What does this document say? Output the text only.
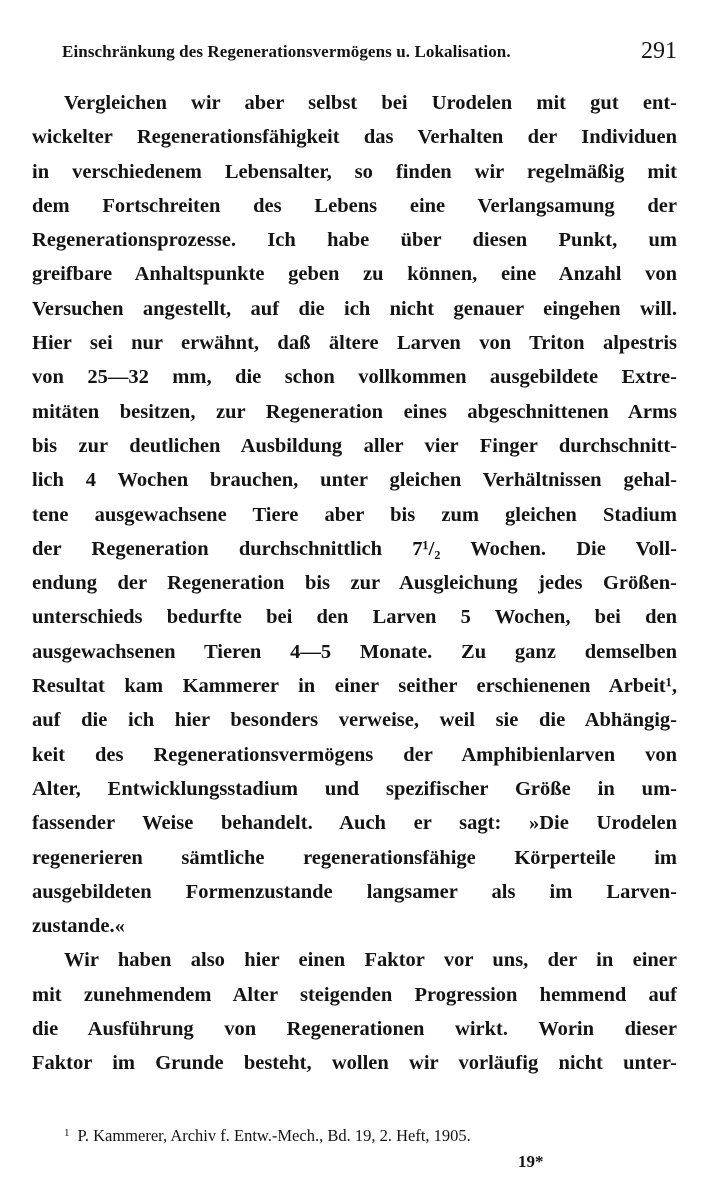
Einschränkung des Regenerationsvermögens u. Lokalisation.	291
Vergleichen wir aber selbst bei Urodelen mit gut ent-
wickelter Regenerationsfähigkeit das Verhalten der Individuen
in verschiedenem Lebensalter, so finden wir regelmäßig mit
dem Fortschreiten des Lebens eine Verlangsamung der
Regenerationsprozesse. Ich habe über diesen Punkt, um
greifbare Anhaltspunkte geben zu können, eine Anzahl von
Versuchen angestellt, auf die ich nicht genauer eingehen will.
Hier sei nur erwähnt, daß ältere Larven von Triton alpestris
von 25—32 mm, die schon vollkommen ausgebildete Extre-
mitäten besitzen, zur Regeneration eines abgeschnittenen Arms
bis zur deutlichen Ausbildung aller vier Finger durchschnitt-
lich 4 Wochen brauchen, unter gleichen Verhältnissen gehal-
tene ausgewachsene Tiere aber bis zum gleichen Stadium
der Regeneration durchschnittlich 7¹/₂ Wochen. Die Voll-
endung der Regeneration bis zur Ausgleichung jedes Größen-
unterschieds bedurfte bei den Larven 5 Wochen, bei den
ausgewachsenen Tieren 4—5 Monate. Zu ganz demselben
Resultat kam Kammerer in einer seither erschienenen Arbeit¹,
auf die ich hier besonders verweise, weil sie die Abhängig-
keit des Regenerationsvermögens der Amphibienlarven von
Alter, Entwicklungsstadium und spezifischer Größe in um-
fassender Weise behandelt. Auch er sagt: »Die Urodelen
regenerieren sämtliche regenerationsfähige Körperteile im
ausgebildeten Formenzustande langsamer als im Larven-
zustande.«
Wir haben also hier einen Faktor vor uns, der in einer
mit zunehmendem Alter steigenden Progression hemmend auf
die Ausführung von Regenerationen wirkt. Worin dieser
Faktor im Grunde besteht, wollen wir vorläufig nicht unter-
$^1$ P. Kammerer, Archiv f. Entw.-Mech., Bd. 19, 2. Heft, 1905.
19*
